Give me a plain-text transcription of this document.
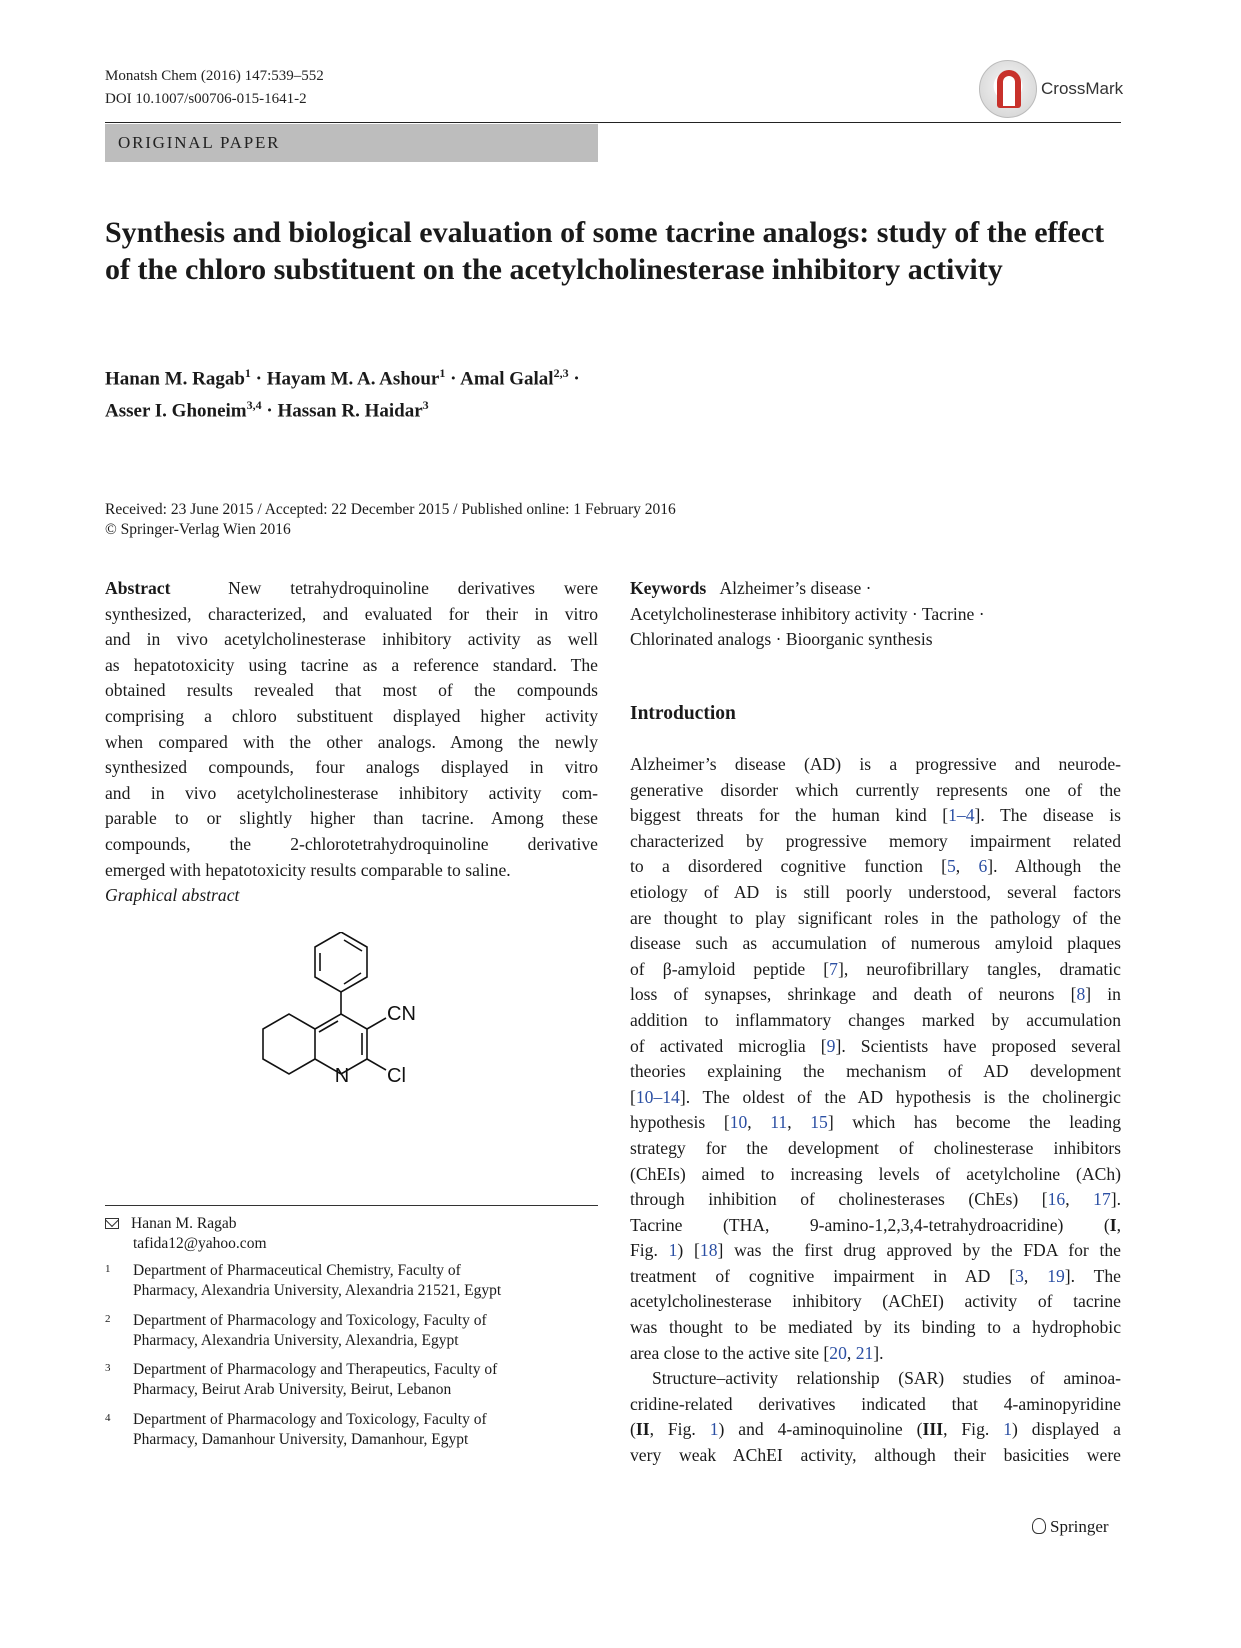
Monatsh Chem (2016) 147:539–552
DOI 10.1007/s00706-015-1641-2
CrossMark
ORIGINAL PAPER
Synthesis and biological evaluation of some tacrine analogs: study of the effect of the chloro substituent on the acetylcholinesterase inhibitory activity
Hanan M. Ragab$^1$ · Hayam M. A. Ashour$^1$ · Amal Galal$^{2,3}$ ·
Asser I. Ghoneim$^{3,4}$ · Hassan R. Haidar$^3$
Received: 23 June 2015 / Accepted: 22 December 2015 / Published online: 1 February 2016
© Springer-Verlag Wien 2016
Abstract	New tetrahydroquinoline derivatives were
synthesized, characterized, and evaluated for their in vitro
and in vivo acetylcholinesterase inhibitory activity as well
as hepatotoxicity using tacrine as a reference standard. The
obtained results revealed that most of the compounds
comprising a chloro substituent displayed higher activity
when compared with the other analogs. Among the newly
synthesized compounds, four analogs displayed in vitro
and in vivo acetylcholinesterase inhibitory activity com-
parable to or slightly higher than tacrine. Among these
compounds, the 2-chlorotetrahydroquinoline derivative
emerged with hepatotoxicity results comparable to saline.
Graphical abstract
N
CN
Cl
Keywords Alzheimer’s disease ·
Acetylcholinesterase inhibitory activity · Tacrine ·
Chlorinated analogs · Bioorganic synthesis
Introduction
Alzheimer’s disease (AD) is a progressive and neurode-
generative disorder which currently represents one of the
biggest threats for the human kind [1–4]. The disease is
characterized by progressive memory impairment related
to a disordered cognitive function [5, 6]. Although the
etiology of AD is still poorly understood, several factors
are thought to play significant roles in the pathology of the
disease such as accumulation of numerous amyloid plaques
of β-amyloid peptide [7], neurofibrillary tangles, dramatic
loss of synapses, shrinkage and death of neurons [8] in
addition to inflammatory changes marked by accumulation
of activated microglia [9]. Scientists have proposed several
theories explaining the mechanism of AD development
[10–14]. The oldest of the AD hypothesis is the cholinergic
hypothesis [10, 11, 15] which has become the leading
strategy for the development of cholinesterase inhibitors
(ChEIs) aimed to increasing levels of acetylcholine (ACh)
through inhibition of cholinesterases (ChEs) [16, 17].
Tacrine (THA, 9-amino-1,2,3,4-tetrahydroacridine) (I,
Fig. 1) [18] was the first drug approved by the FDA for the
treatment of cognitive impairment in AD [3, 19]. The
acetylcholinesterase inhibitory (AChEI) activity of tacrine
was thought to be mediated by its binding to a hydrophobic
area close to the active site [20, 21].
Structure–activity relationship (SAR) studies of aminoa-
cridine-related derivatives indicated that 4-aminopyridine
(II, Fig. 1) and 4-aminoquinoline (III, Fig. 1) displayed a
very weak AChEI activity, although their basicities were
Hanan M. Ragab
tafida12@yahoo.com
1 Department of Pharmaceutical Chemistry, Faculty of
Pharmacy, Alexandria University, Alexandria 21521, Egypt
2 Department of Pharmacology and Toxicology, Faculty of
Pharmacy, Alexandria University, Alexandria, Egypt
3 Department of Pharmacology and Therapeutics, Faculty of
Pharmacy, Beirut Arab University, Beirut, Lebanon
4 Department of Pharmacology and Toxicology, Faculty of
Pharmacy, Damanhour University, Damanhour, Egypt
Springer
